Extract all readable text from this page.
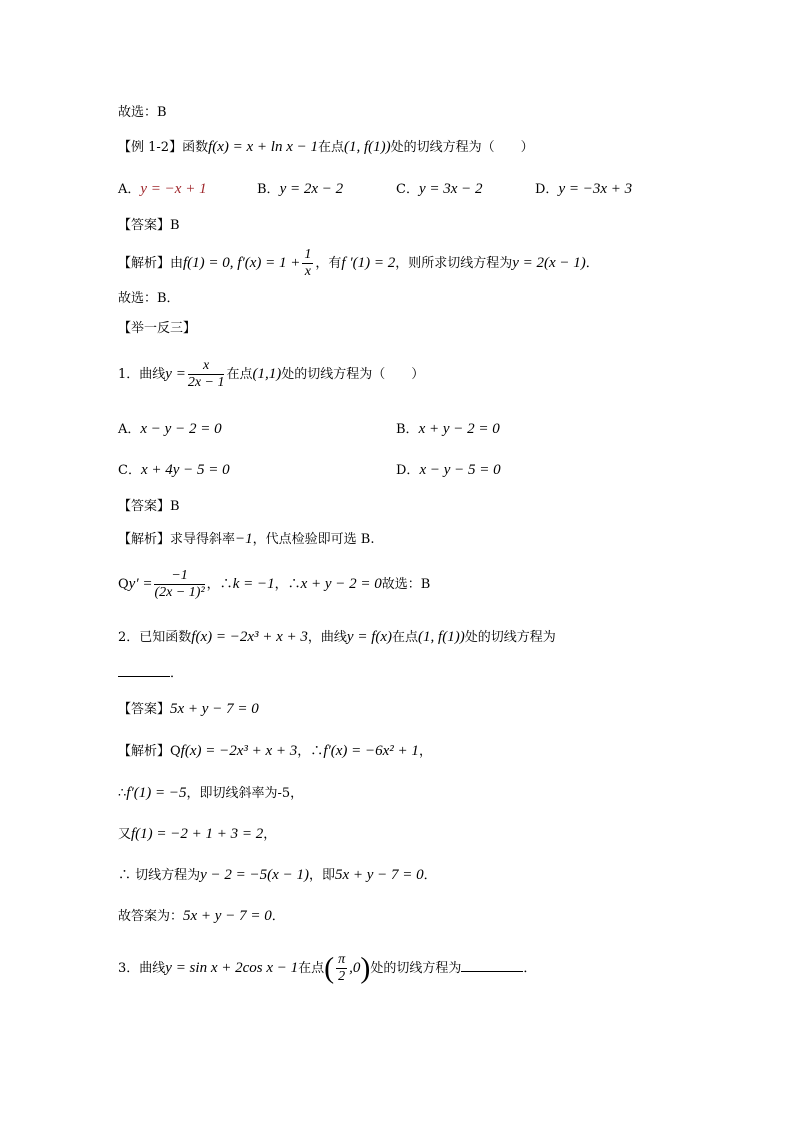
故选：B
【例 1-2】函数f(x) = x + ln x − 1在点(1, f(1))处的切线方程为（　　）
A．y = −x + 1	B．y = 2x − 2	C．y = 3x − 2	D．y = −3x + 3
【答案】B
【解析】由f(1) = 0, $f'(x) = 1 + \frac{1}{x}$ ，有f ′(1) = 2，则所求切线方程为y = 2(x − 1)．
故选：B．
【举一反三】
1．曲线$y = \frac{x}{2x - 1}$ 在点(1,1)处的切线方程为（　　）
A．x − y − 2 = 0	B．x + y − 2 = 0
C．x + 4y − 5 = 0	D．x − y − 5 = 0
【答案】B
【解析】求导得斜率−1，代点检验即可选 B.
$Qy' = \frac{-1}{\text{(2x − 1)²}}$ ，∴k = −1，∴x + y − 2 = 0故选：B
2．已知函数f(x) = −2x³ + x + 3，曲线y = f(x)在点(1, f(1))处的切线方程为
．
【答案】5x + y − 7 = 0
【解析】Qf(x) = −2x³ + x + 3，∴f′(x) = −6x² + 1，
∴f′(1) = −5，即切线斜率为-5，
又f(1) = −2 + 1 + 3 = 2，
∴ 切线方程为y − 2 = −5(x − 1)，即5x + y − 7 = 0．
故答案为：5x + y − 7 = 0．
3．曲线y = sin x + 2cos x − 1在点( $\frac{\pi}{2} ,0$)处的切线方程为	．
